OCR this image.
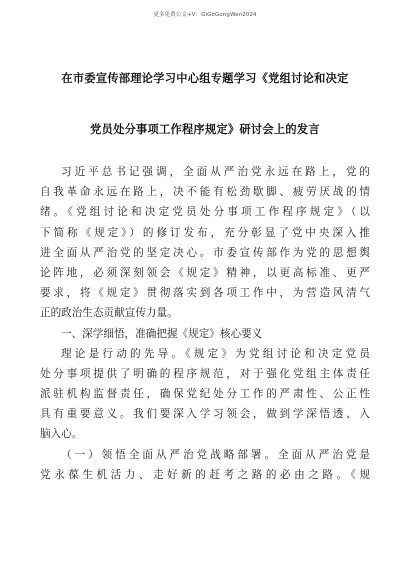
更多免费公文+V：GiGoGongWen2024
在市委宣传部理论学习中心组专题学习《党组讨论和决定
党员处分事项工作程序规定》研讨会上的发言
习近平总书记强调，全面从严治党永远在路上，党的
自我革命永远在路上，决不能有松劲歇脚、疲劳厌战的情
绪。《党组讨论和决定党员处分事项工作程序规定》（以
下简称《规定》）的修订发布，充分彰显了党中央深入推
进全面从严治党的坚定决心。市委宣传部作为党的思想舆
论阵地，必须深刻领会《规定》精神，以更高标准、更严
要求，将《规定》贯彻落实到各项工作中，为营造风清气
正的政治生态贡献宣传力量。
一、深学细悟，准确把握《规定》核心要义
理论是行动的先导。《规定》为党组讨论和决定党员
处分事项提供了明确的程序规范，对于强化党组主体责任
派驻机构监督责任，确保党纪处分工作的严肃性、公正性
具有重要意义。我们要深入学习领会，做到学深悟透、入
脑入心。
（一）领悟全面从严治党战略部署。全面从严治党是
党永葆生机活力、走好新的赶考之路的必由之路。《规
